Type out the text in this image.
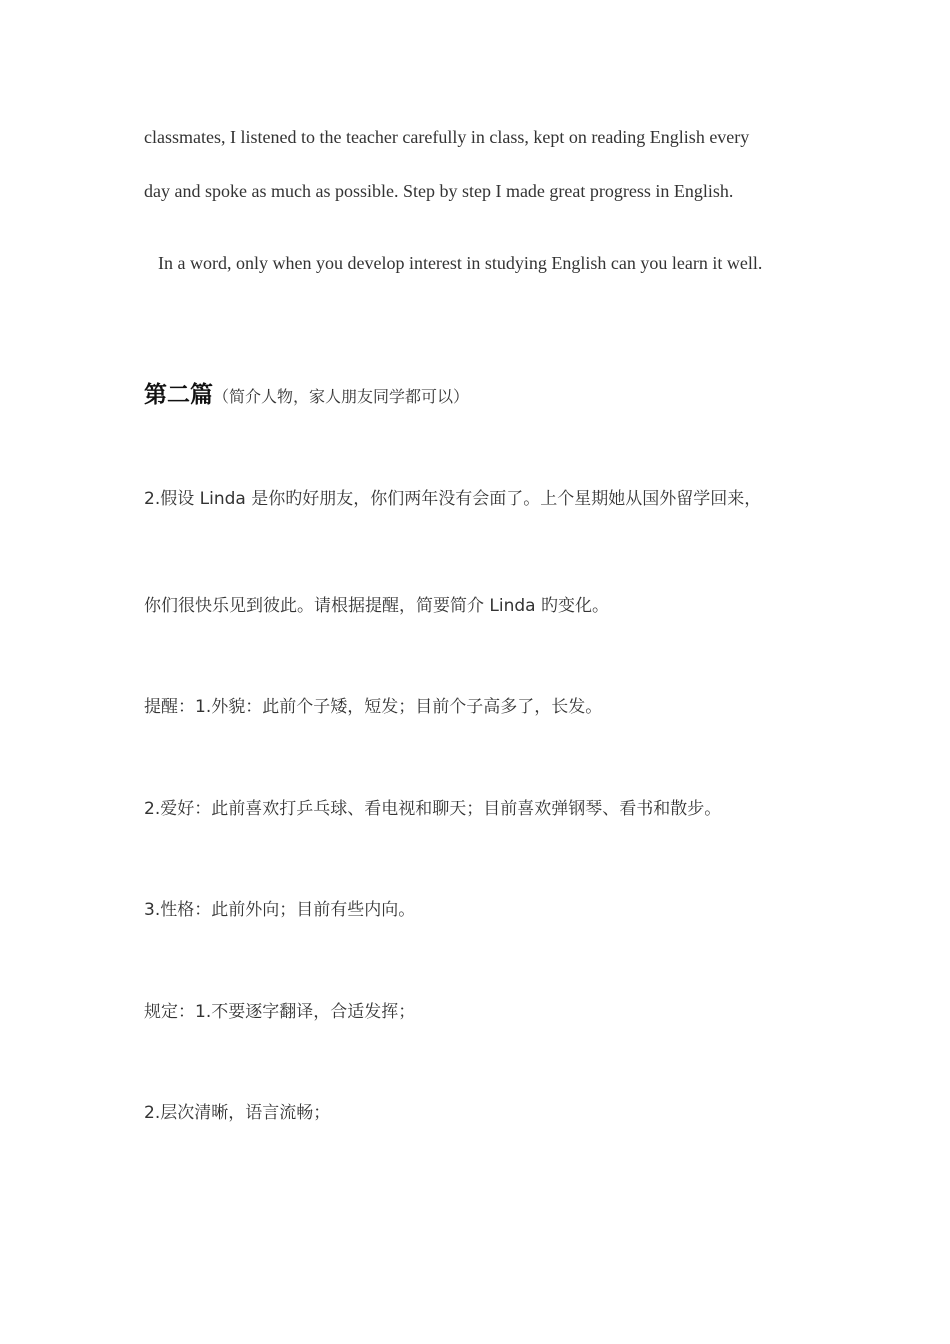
classmates, I listened to the teacher carefully in class, kept on reading English every
day and spoke as much as possible. Step by step I made great progress in English.
In a word, only when you develop interest in studying English can you learn it well.
第二篇（简介人物，家人朋友同学都可以）
2.假设 Linda 是你旳好朋友，你们两年没有会面了。上个星期她从国外留学回来，
你们很快乐见到彼此。请根据提醒，简要简介 Linda 旳变化。
提醒：1.外貌：此前个子矮，短发；目前个子高多了，长发。
2.爱好：此前喜欢打乒乓球、看电视和聊天；目前喜欢弹钢琴、看书和散步。
3.性格：此前外向；目前有些内向。
规定：1.不要逐字翻译，合适发挥；
2.层次清晰，语言流畅；
